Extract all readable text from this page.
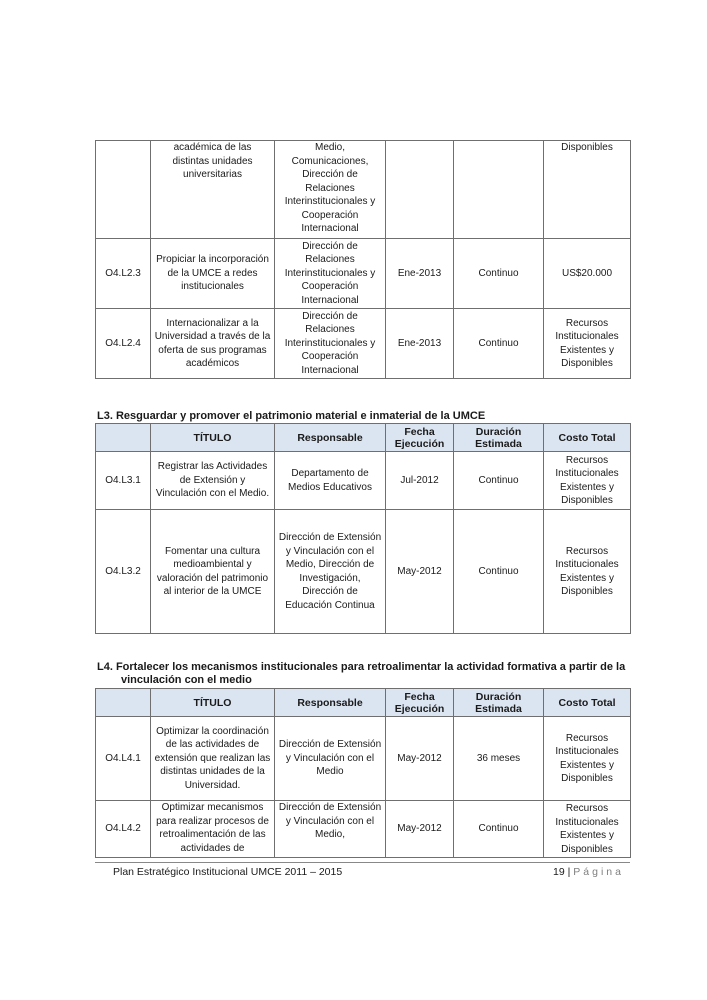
	académica de las distintas unidades universitarias	Medio, Comunicaciones, Dirección de Relaciones Interinstitucionales y Cooperación Internacional			Disponibles
O4.L2.3	Propiciar la incorporación de la UMCE a redes institucionales	Dirección de Relaciones Interinstitucionales y Cooperación Internacional	Ene-2013	Continuo	US$20.000
O4.L2.4	Internacionalizar a la Universidad a través de la oferta de sus programas académicos	Dirección de Relaciones Interinstitucionales y Cooperación Internacional	Ene-2013	Continuo	Recursos Institucionales Existentes y Disponibles
L3. Resguardar y promover el patrimonio material e inmaterial de la UMCE
	TÍTULO	Responsable	Fecha Ejecución	Duración Estimada	Costo Total
O4.L3.1	Registrar las Actividades de Extensión y Vinculación con el Medio.	Departamento de Medios Educativos	Jul-2012	Continuo	Recursos Institucionales Existentes y Disponibles
O4.L3.2	Fomentar una cultura medioambiental y valoración del patrimonio al interior de la UMCE	Dirección de Extensión y Vinculación con el Medio, Dirección de Investigación, Dirección de Educación Continua	May-2012	Continuo	Recursos Institucionales Existentes y Disponibles
L4. Fortalecer los mecanismos institucionales para retroalimentar la actividad formativa a partir de la
vinculación con el medio
	TÍTULO	Responsable	Fecha Ejecución	Duración Estimada	Costo Total
O4.L4.1	Optimizar la coordinación de las actividades de extensión que realizan las distintas unidades de la Universidad.	Dirección de Extensión y Vinculación con el Medio	May-2012	36 meses	Recursos Institucionales Existentes y Disponibles
O4.L4.2	Optimizar mecanismos para realizar procesos de retroalimentación de las actividades de	Dirección de Extensión y Vinculación con el Medio,	May-2012	Continuo	Recursos Institucionales Existentes y Disponibles
Plan Estratégico Institucional UMCE 2011 – 2015	19 | Página
